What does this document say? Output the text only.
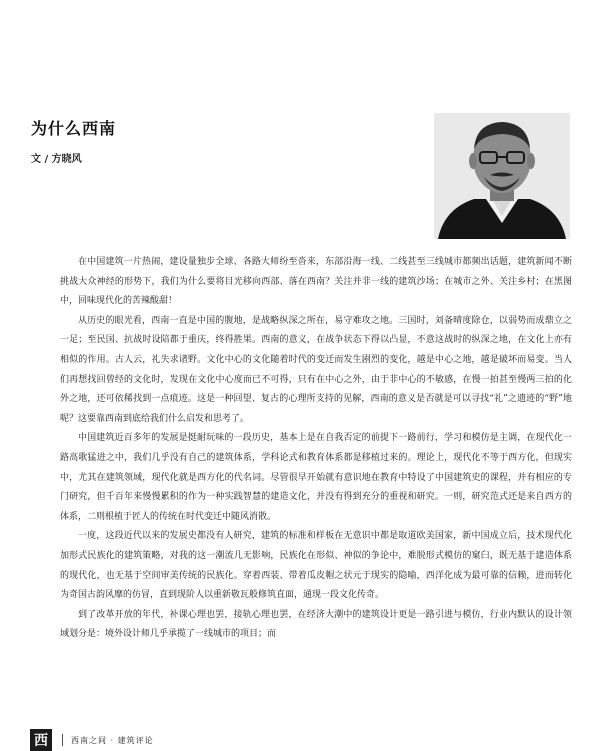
为什么西南
文 / 方晓风

在中国建筑一片热闹，建设量独步全球、各路大师纷至沓来，东部沿海一线、二线甚至三线城市都频出话题，建筑新闻不断挑战大众神经的形势下，我们为什么要将目光移向西部、落在西南？关注并非一线的建筑沙场；在城市之外、关注乡村；在黑图中，回味现代化的苦辣酸甜！

从历史的眼光看，西南一直是中国的腹地，是战略纵深之所在，易守难攻之地。三国时，刘备晴度除仓，以弱势而成鼎立之一足；至民国、抗战时设陪都于重庆，终得胜果。西南的意义，在战争状态下得以凸显，不意这战时的纵深之地，在文化上亦有相似的作用。古人云，礼失求诸野。文化中心的文化随着时代的变迁而发生剧烈的变化，越是中心之地，越是破坏而易变。当人们再想找回曾经的文化时，发现在文化中心度而已不可得，只有在中心之外，由于非中心的不敏感，在慢一拍甚至慢两三拍的化外之地，还可依稀找到一点痕迹。这是一种回望、复古的心理所支持的见解，西南的意义是否就是可以寻找“礼”之遗迹的“野”地呢？这要靠西南到底给我们什么启发和思考了。

中国建筑近百多年的发展是挺耐玩味的一段历史，基本上是在自我否定的前提下一路前行，学习和模仿是主调，在现代化一路高歌猛进之中，我们几乎没有自己的建筑体系，学科论式和教育体系都是移植过来的。理论上，现代化不等于西方化，但现实中，尤其在建筑领域，现代化就是西方化的代名词。尽管很早开始就有意识地在教育中特设了中国建筑史的课程，并有相应的专门研究，但千百年来慢慢累积的作为一种实践智慧的建造文化，并没有得到充分的重视和研究。一则，研究范式还是来自西方的体系，二则根植于匠人的传统在时代变迁中随风消散。

一度，这段近代以来的发展史都没有人研究，建筑的标准和样板在无意识中都是取道欧美国家，新中国成立后，技术现代化加形式民族化的建筑策略，对我的这一潮流几无影响，民族化在形似、神似的争论中，难脱形式模仿的窠臼，既无基于建造体系的现代化，也无基于空间审美传统的民族化。穿着西装、带着瓜皮帽之状元于现实的隐喻，西洋化成为最可靠的信赖，进而转化为奇国古韵风靡的仿冒，直到现阶人以重新敬瓦般修筑直面，通现一段文化传奇。

到了改革开放的年代，补课心理也罢，接轨心理也罢，在经济大潮中的建筑设计更是一路引进与模仿，行业内默认的设计领域划分是：境外设计师几乎承揽了一线城市的项目；而

西	西南之间 · 建筑评论
